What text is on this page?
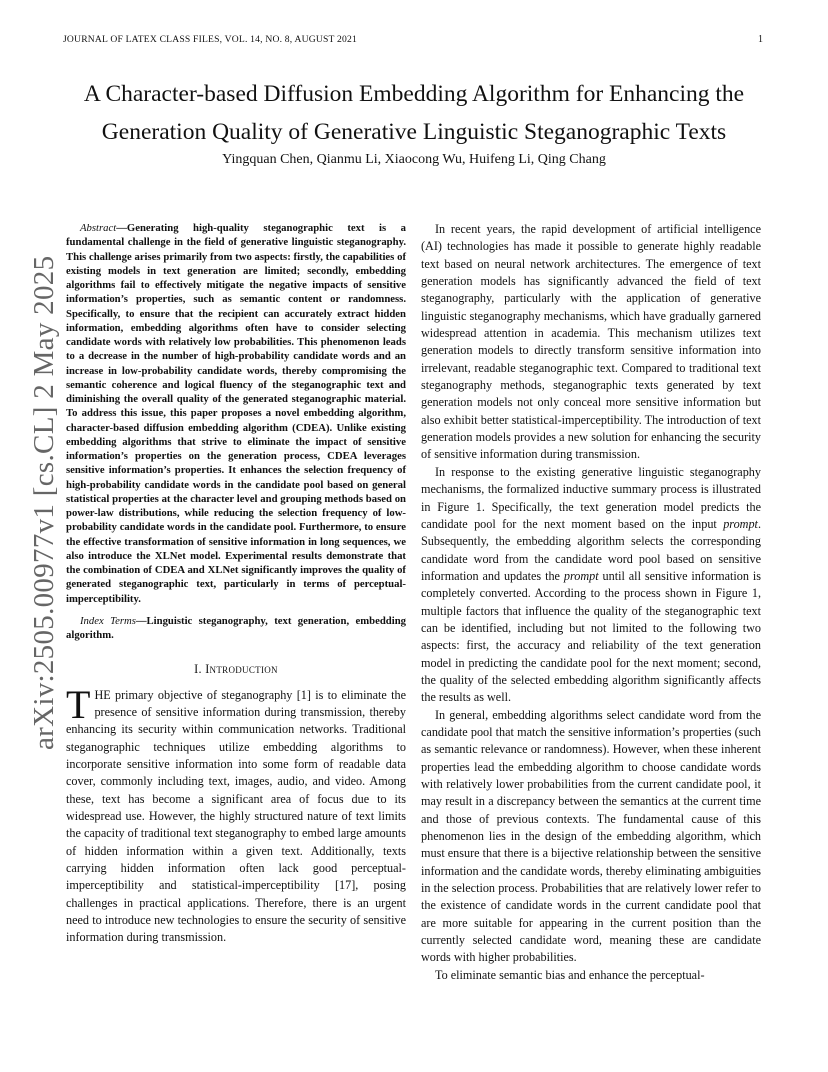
JOURNAL OF LATEX CLASS FILES, VOL. 14, NO. 8, AUGUST 2021	1
A Character-based Diffusion Embedding Algorithm for Enhancing the Generation Quality of Generative Linguistic Steganographic Texts
Yingquan Chen, Qianmu Li, Xiaocong Wu, Huifeng Li, Qing Chang
arXiv:2505.00977v1 [cs.CL] 2 May 2025

Abstract—Generating high-quality steganographic text is a fundamental challenge in the field of generative linguistic steganography. This challenge arises primarily from two aspects: firstly, the capabilities of existing models in text generation are limited; secondly, embedding algorithms fail to effectively mitigate the negative impacts of sensitive information’s properties, such as semantic content or randomness. Specifically, to ensure that the recipient can accurately extract hidden information, embedding algorithms often have to consider selecting candidate words with relatively low probabilities. This phenomenon leads to a decrease in the number of high-probability candidate words and an increase in low-probability candidate words, thereby compromising the semantic coherence and logical fluency of the steganographic text and diminishing the overall quality of the generated steganographic material. To address this issue, this paper proposes a novel embedding algorithm, character-based diffusion embedding algorithm (CDEA). Unlike existing embedding algorithms that strive to eliminate the impact of sensitive information’s properties on the generation process, CDEA leverages sensitive information’s properties. It enhances the selection frequency of high-probability candidate words in the candidate pool based on general statistical properties at the character level and grouping methods based on power-law distributions, while reducing the selection frequency of low-probability candidate words in the candidate pool. Furthermore, to ensure the effective transformation of sensitive information in long sequences, we also introduce the XLNet model. Experimental results demonstrate that the combination of CDEA and XLNet significantly improves the quality of generated steganographic text, particularly in terms of perceptual-imperceptibility.

Index Terms—Linguistic steganography, text generation, embedding algorithm.

I. Introduction

THE primary objective of steganography [1] is to eliminate the presence of sensitive information during transmission, thereby enhancing its security within communication networks. Traditional steganographic techniques utilize embedding algorithms to incorporate sensitive information into some form of readable data cover, commonly including text, images, audio, and video. Among these, text has become a significant area of focus due to its widespread use. However, the highly structured nature of text limits the capacity of traditional text steganography to embed large amounts of hidden information within a given text. Additionally, texts carrying hidden information often lack good perceptual-imperceptibility and statistical-imperceptibility [17], posing challenges in practical applications. Therefore, there is an urgent need to introduce new technologies to ensure the security of sensitive information during transmission.

In recent years, the rapid development of artificial intelligence (AI) technologies has made it possible to generate highly readable text based on neural network architectures. The emergence of text generation models has significantly advanced the field of text steganography, particularly with the application of generative linguistic steganography mechanisms, which have gradually garnered widespread attention in academia. This mechanism utilizes text generation models to directly transform sensitive information into irrelevant, readable steganographic text. Compared to traditional text steganography methods, steganographic texts generated by text generation models not only conceal more sensitive information but also exhibit better statistical-imperceptibility. The introduction of text generation models provides a new solution for enhancing the security of sensitive information during transmission.

In response to the existing generative linguistic steganography mechanisms, the formalized inductive summary process is illustrated in Figure 1. Specifically, the text generation model predicts the candidate pool for the next moment based on the input prompt. Subsequently, the embedding algorithm selects the corresponding candidate word from the candidate word pool based on sensitive information and updates the prompt until all sensitive information is completely converted. According to the process shown in Figure 1, multiple factors that influence the quality of the steganographic text can be identified, including but not limited to the following two aspects: first, the accuracy and reliability of the text generation model in predicting the candidate pool for the next moment; second, the quality of the selected embedding algorithm significantly affects the results as well.

In general, embedding algorithms select candidate word from the candidate pool that match the sensitive information’s properties (such as semantic relevance or randomness). However, when these inherent properties lead the embedding algorithm to choose candidate words with relatively lower probabilities from the current candidate pool, it may result in a discrepancy between the semantics at the current time and those of previous contexts. The fundamental cause of this phenomenon lies in the design of the embedding algorithm, which must ensure that there is a bijective relationship between the sensitive information and the candidate words, thereby eliminating ambiguities in the selection process. Probabilities that are relatively lower refer to the existence of candidate words in the current candidate pool that are more suitable for appearing in the current position than the currently selected candidate word, meaning these are candidate words with higher probabilities.

To eliminate semantic bias and enhance the perceptual-
